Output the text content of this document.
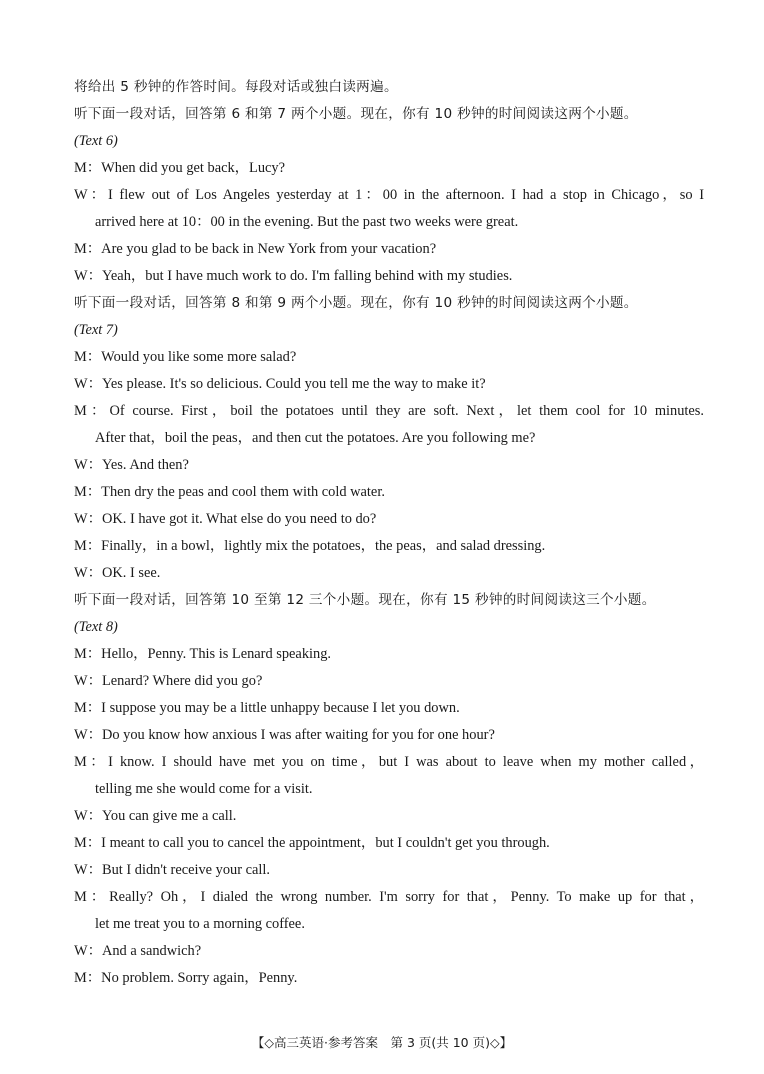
将给出 5 秒钟的作答时间。每段对话或独白读两遍。
听下面一段对话，回答第 6 和第 7 两个小题。现在，你有 10 秒钟的时间阅读这两个小题。
(Text 6)
M：When did you get back，Lucy?
W：I flew out of Los Angeles yesterday at 1：00 in the afternoon. I had a stop in Chicago，so I
arrived here at 10：00 in the evening. But the past two weeks were great.
M：Are you glad to be back in New York from your vacation?
W：Yeah，but I have much work to do. I'm falling behind with my studies.
听下面一段对话，回答第 8 和第 9 两个小题。现在，你有 10 秒钟的时间阅读这两个小题。
(Text 7)
M：Would you like some more salad?
W：Yes please. It's so delicious. Could you tell me the way to make it?
M：Of course. First，boil the potatoes until they are soft. Next，let them cool for 10 minutes.
After that，boil the peas，and then cut the potatoes. Are you following me?
W：Yes. And then?
M：Then dry the peas and cool them with cold water.
W：OK. I have got it. What else do you need to do?
M：Finally，in a bowl，lightly mix the potatoes，the peas，and salad dressing.
W：OK. I see.
听下面一段对话，回答第 10 至第 12 三个小题。现在，你有 15 秒钟的时间阅读这三个小题。
(Text 8)
M：Hello，Penny. This is Lenard speaking.
W：Lenard? Where did you go?
M：I suppose you may be a little unhappy because I let you down.
W：Do you know how anxious I was after waiting for you for one hour?
M：I know. I should have met you on time，but I was about to leave when my mother called，
telling me she would come for a visit.
W：You can give me a call.
M：I meant to call you to cancel the appointment，but I couldn't get you through.
W：But I didn't receive your call.
M：Really? Oh，I dialed the wrong number. I'm sorry for that，Penny. To make up for that，
let me treat you to a morning coffee.
W：And a sandwich?
M：No problem. Sorry again，Penny.
【◇高三英语·参考答案　第 3 页(共 10 页)◇】
